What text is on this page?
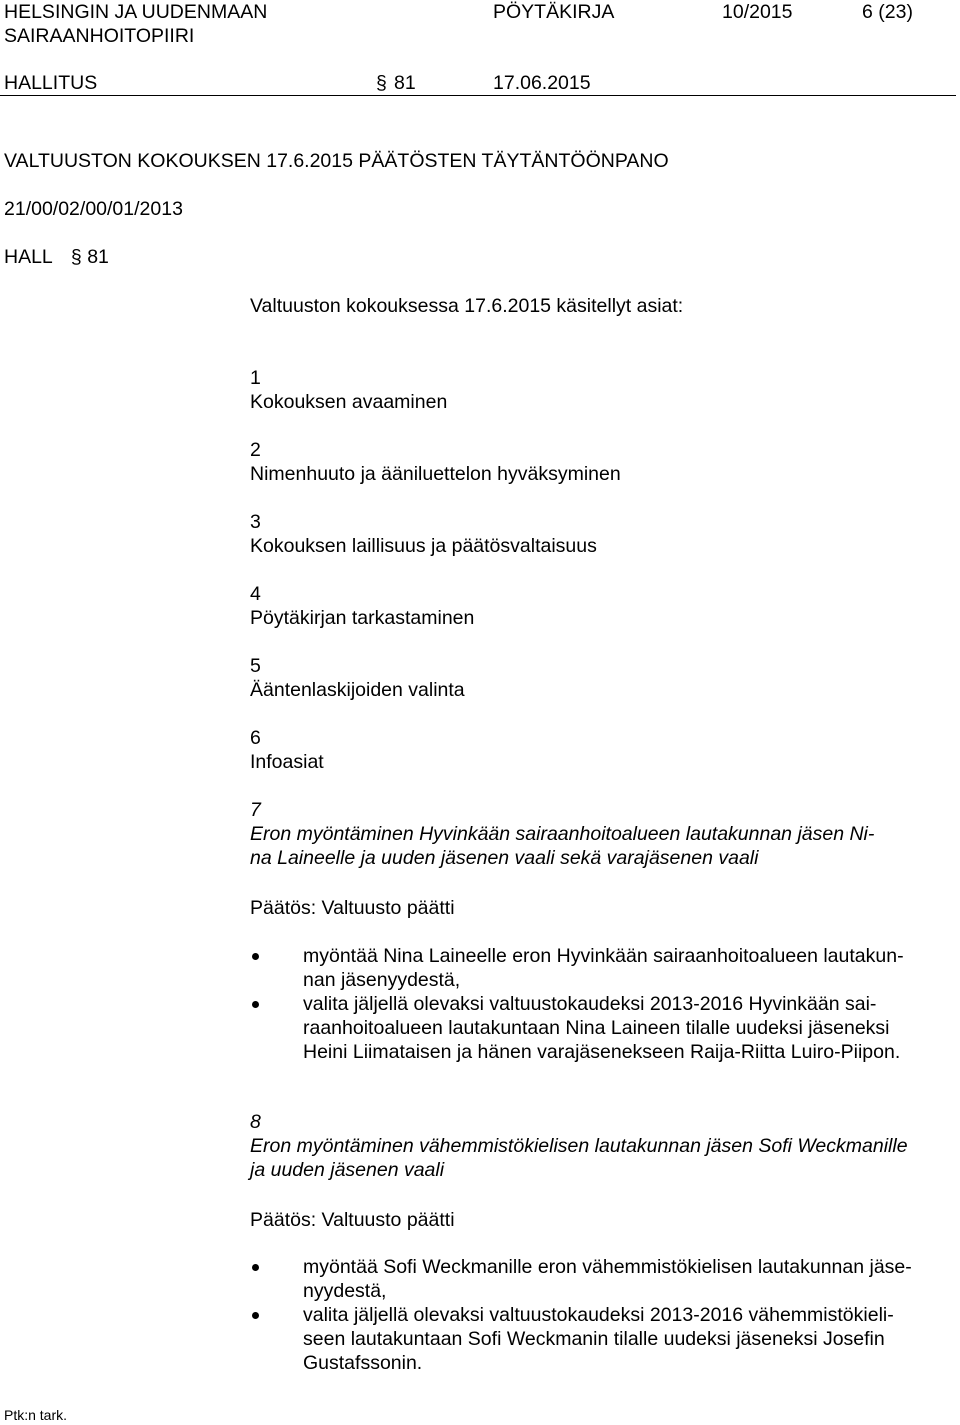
HELSINGIN JA UUDENMAAN
SAIRAANHOITOPIIRI
PÖYTÄKIRJA	10/2015	6 (23)
HALLITUS	§ 81	17.06.2015
VALTUUSTON KOKOUKSEN 17.6.2015 PÄÄTÖSTEN TÄYTÄNTÖÖNPANO
21/00/02/00/01/2013
HALL § 81
Valtuuston kokouksessa 17.6.2015 käsitellyt asiat:
1
Kokouksen avaaminen
2
Nimenhuuto ja ääniluettelon hyväksyminen
3
Kokouksen laillisuus ja päätösvaltaisuus
4
Pöytäkirjan tarkastaminen
5
Ääntenlaskijoiden valinta
6
Infoasiat
7
Eron myöntäminen Hyvinkään sairaanhoitoalueen lautakunnan jäsen Ni-
na Laineelle ja uuden jäsenen vaali sekä varajäsenen vaali
Päätös: Valtuusto päätti
myöntää Nina Laineelle eron Hyvinkään sairaanhoitoalueen lautakun-
nan jäsenyydestä,
valita jäljellä olevaksi valtuustokaudeksi 2013-2016 Hyvinkään sai-
raanhoitoalueen lautakuntaan Nina Laineen tilalle uudeksi jäseneksi
Heini Liimataisen ja hänen varajäsenekseen Raija-Riitta Luiro-Piipon.
8
Eron myöntäminen vähemmistökielisen lautakunnan jäsen Sofi Weckmanille
ja uuden jäsenen vaali
Päätös: Valtuusto päätti
myöntää Sofi Weckmanille eron vähemmistökielisen lautakunnan jäse-
nyydestä,
valita jäljellä olevaksi valtuustokaudeksi 2013-2016 vähemmistökieli-
seen lautakuntaan Sofi Weckmanin tilalle uudeksi jäseneksi Josefin
Gustafssonin.
Ptk:n tark.
